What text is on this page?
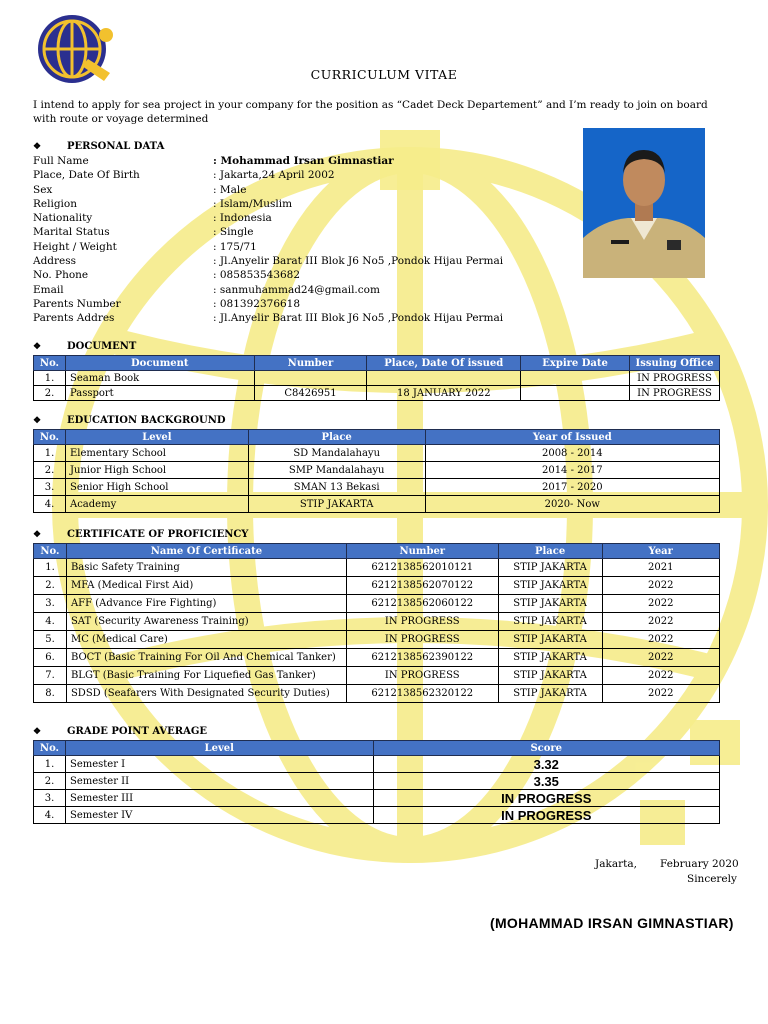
CURRICULUM VITAE
I intend to apply for sea project in your company for the position as “Cadet Deck Departement” and I’m ready to join on board with route or voyage determined
❖	PERSONAL DATA
Full Name	: Mohammad Irsan Gimnastiar
Place, Date Of Birth	: Jakarta,24 April 2002
Sex	: Male
Religion	: Islam/Muslim
Nationality	: Indonesia
Marital Status	: Single
Height / Weight	: 175/71
Address	: Jl.Anyelir Barat III Blok J6 No5 ,Pondok Hijau Permai
No. Phone	: 085853543682
Email	: sanmuhammad24@gmail.com
Parents Number	: 081392376618
Parents Addres	: Jl.Anyelir Barat III Blok J6 No5 ,Pondok Hijau Permai
❖	DOCUMENT
No.	Document	Number	Place, Date Of issued	Expire Date	Issuing Office
1.	Seaman Book				IN PROGRESS
2.	Passport	C8426951	18 JANUARY 2022		IN PROGRESS
❖	EDUCATION BACKGROUND
No.	Level	Place	Year of Issued
1.	Elementary School	SD Mandalahayu	2008 - 2014
2.	Junior High School	SMP Mandalahayu	2014 - 2017
3.	Senior High School	SMAN 13 Bekasi	2017 - 2020
4.	Academy	STIP JAKARTA	2020- Now
❖	CERTIFICATE OF PROFICIENCY
No.	Name Of Certificate	Number	Place	Year
1.	Basic Safety Training	6212138562010121	STIP JAKARTA	2021
2.	MFA (Medical First Aid)	6212138562070122	STIP JAKARTA	2022
3.	AFF (Advance Fire Fighting)	6212138562060122	STIP JAKARTA	2022
4.	SAT (Security Awareness Training)	IN PROGRESS	STIP JAKARTA	2022
5.	MC (Medical Care)	IN PROGRESS	STIP JAKARTA	2022
6.	BOCT (Basic Training For Oil And Chemical Tanker)	6212138562390122	STIP JAKARTA	2022
7.	BLGT (Basic Training For Liquefied Gas Tanker)	IN PROGRESS	STIP JAKARTA	2022
8.	SDSD (Seafarers With Designated Security Duties)	6212138562320122	STIP JAKARTA	2022
❖	GRADE POINT AVERAGE
No.	Level	Score
1.	Semester I	3.32
2.	Semester II	3.35
3.	Semester III	IN PROGRESS
4.	Semester IV	IN PROGRESS
Jakarta, February 2020
Sincerely
(MOHAMMAD IRSAN GIMNASTIAR)
